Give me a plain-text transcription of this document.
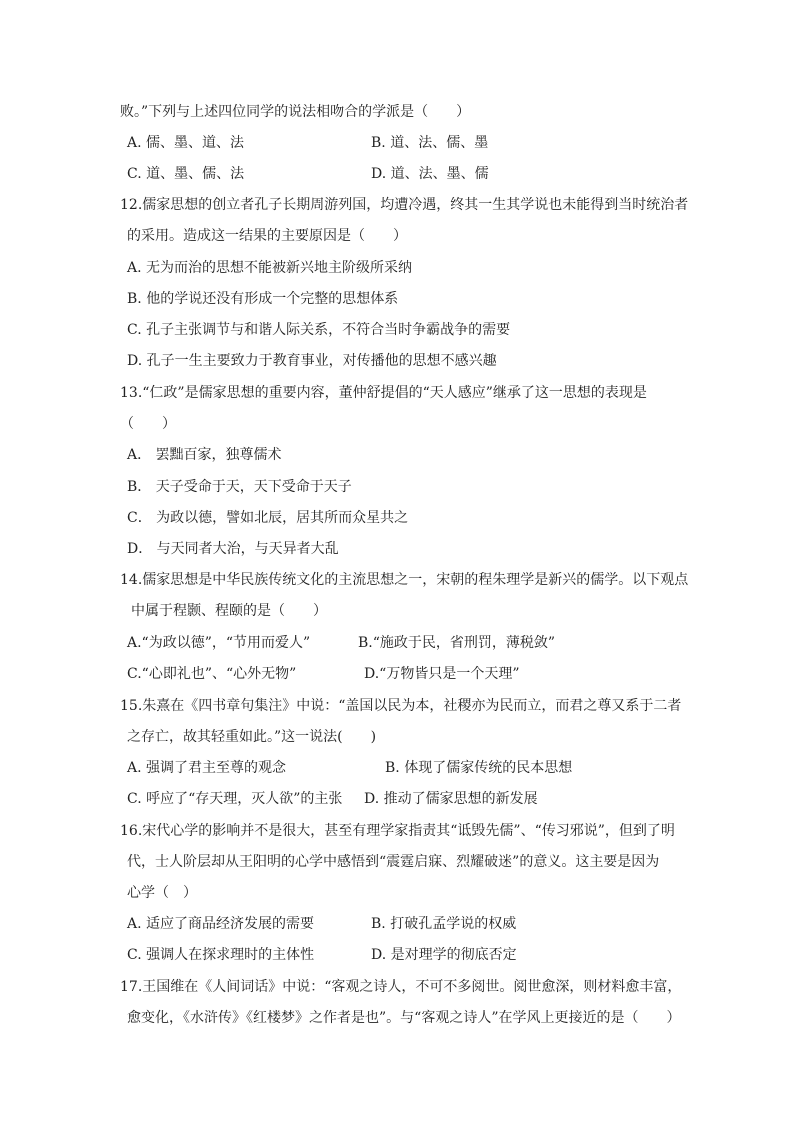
败。”下列与上述四位同学的说法相吻合的学派是（　　）
A. 儒、墨、道、法	B. 道、法、儒、墨
C. 道、墨、儒、法	D. 道、法、墨、儒
12.儒家思想的创立者孔子长期周游列国，均遭冷遇，终其一生其学说也未能得到当时统治者
的采用。造成这一结果的主要原因是（　　）
A. 无为而治的思想不能被新兴地主阶级所采纳
B. 他的学说还没有形成一个完整的思想体系
C. 孔子主张调节与和谐人际关系，不符合当时争霸战争的需要
D. 孔子一生主要致力于教育事业，对传播他的思想不感兴趣
13.“仁政”是儒家思想的重要内容，董仲舒提倡的“天人感应”继承了这一思想的表现是
（　　）
A． 罢黜百家，独尊儒术
B． 天子受命于天，天下受命于天子
C． 为政以德，譬如北辰，居其所而众星共之
D． 与天同者大治，与天异者大乱
14.儒家思想是中华民族传统文化的主流思想之一，宋朝的程朱理学是新兴的儒学。以下观点
中属于程颢、程颐的是（　　）
A.“为政以德”，“节用而爱人”	B.“施政于民，省刑罚，薄税敛”
C.“心即礼也”、“心外无物”	D.“万物皆只是一个天理”
15.朱熹在《四书章句集注》中说：“盖国以民为本，社稷亦为民而立，而君之尊又系于二者
之存亡，故其轻重如此。”这一说法(　　)
A. 强调了君主至尊的观念	B. 体现了儒家传统的民本思想
C. 呼应了“存天理，灭人欲”的主张 D. 推动了儒家思想的新发展
16.宋代心学的影响并不是很大，甚至有理学家指责其“诋毁先儒”、“传习邪说”，但到了明
代，士人阶层却从王阳明的心学中感悟到“震霆启寐、烈耀破迷”的意义。这主要是因为
心学（　）
A. 适应了商品经济发展的需要	B. 打破孔孟学说的权威
C. 强调人在探求理时的主体性	D. 是对理学的彻底否定
17.王国维在《人间词话》中说：“客观之诗人，不可不多阅世。阅世愈深，则材料愈丰富，
愈变化，《水浒传》《红楼梦》之作者是也”。与“客观之诗人”在学风上更接近的是（　　）
